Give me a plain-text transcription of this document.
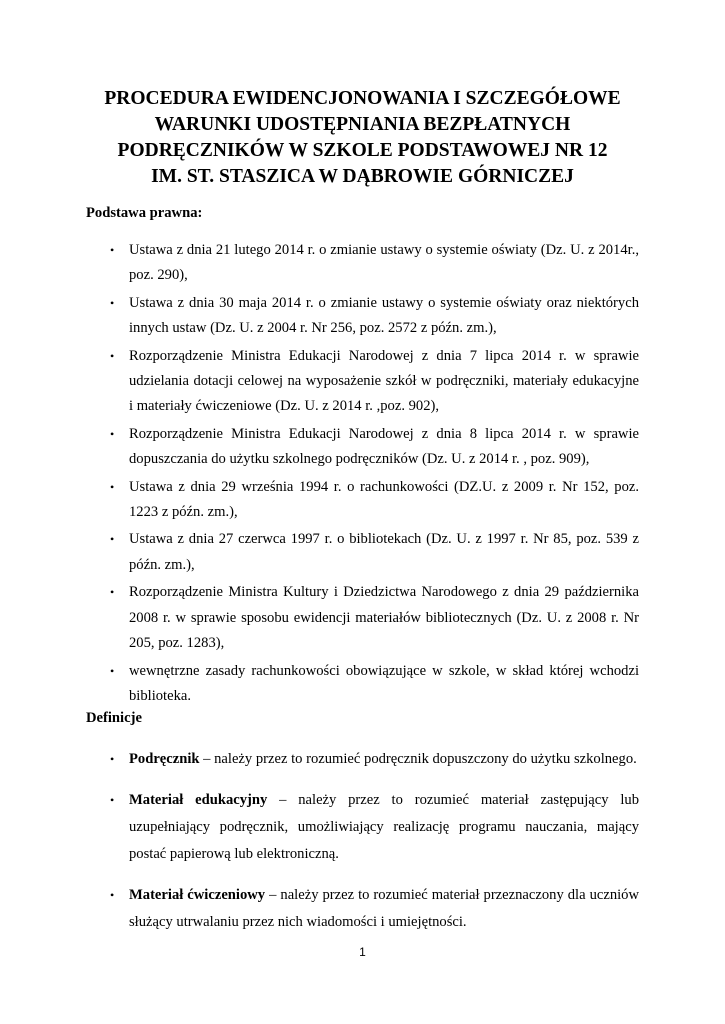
PROCEDURA EWIDENCJONOWANIA I SZCZEGÓŁOWE
WARUNKI UDOSTĘPNIANIA BEZPŁATNYCH
PODRĘCZNIKÓW W SZKOLE PODSTAWOWEJ NR 12
IM. ST. STASZICA W DĄBROWIE GÓRNICZEJ

Podstawa prawna:

• Ustawa z dnia 21 lutego 2014 r. o zmianie ustawy o systemie oświaty (Dz. U. z 2014r., poz. 290),
• Ustawa z dnia 30 maja 2014 r. o zmianie ustawy o systemie oświaty oraz niektórych innych ustaw (Dz. U. z 2004 r. Nr 256, poz. 2572 z późn. zm.),
• Rozporządzenie Ministra Edukacji Narodowej z dnia 7 lipca 2014 r. w sprawie udzielania dotacji celowej na wyposażenie szkół w podręczniki, materiały edukacyjne i materiały ćwiczeniowe (Dz. U. z 2014 r. ,poz. 902),
• Rozporządzenie Ministra Edukacji Narodowej z dnia 8 lipca 2014 r. w sprawie dopuszczania do użytku szkolnego podręczników (Dz. U. z 2014 r. , poz. 909),
• Ustawa z dnia 29 września 1994 r. o rachunkowości (DZ.U. z 2009 r. Nr 152, poz. 1223 z późn. zm.),
• Ustawa z dnia 27 czerwca 1997 r. o bibliotekach (Dz. U. z 1997 r. Nr 85, poz. 539 z późn. zm.),
• Rozporządzenie Ministra Kultury i Dziedzictwa Narodowego z dnia 29 października 2008 r. w sprawie sposobu ewidencji materiałów bibliotecznych (Dz. U. z 2008 r. Nr 205, poz. 1283),
• wewnętrzne zasady rachunkowości obowiązujące w szkole, w skład której wchodzi biblioteka.

Definicje

• Podręcznik – należy przez to rozumieć podręcznik dopuszczony do użytku szkolnego.
• Materiał edukacyjny – należy przez to rozumieć materiał zastępujący lub uzupełniający podręcznik, umożliwiający realizację programu nauczania, mający postać papierową lub elektroniczną.
• Materiał ćwiczeniowy – należy przez to rozumieć materiał przeznaczony dla uczniów służący utrwalaniu przez nich wiadomości i umiejętności.
1
